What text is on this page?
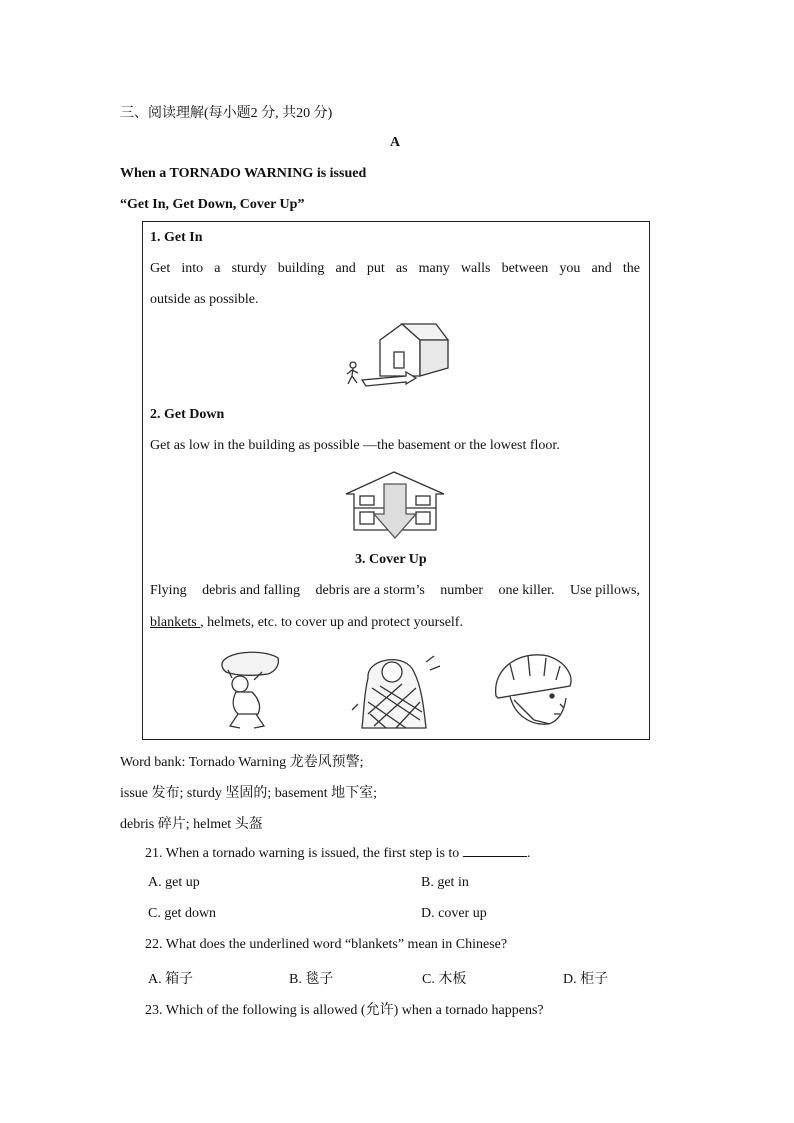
三、阅读理解(每小题2 分, 共20 分)
A
When a TORNADO WARNING is issued
“Get In, Get Down, Cover Up”
1. Get In
Get into a sturdy building and put as many walls between you and the
outside as possible.
2. Get Down
Get as low in the building as possible —the basement or the lowest floor.
3. Cover Up
Flying debris and falling debris are a storm’s number one killer. Use pillows,
blankets , helmets, etc. to cover up and protect yourself.
Word bank: Tornado Warning 龙卷风预警;
issue 发布; sturdy 坚固的; basement 地下室;
debris 碎片; helmet 头盔
21. When a tornado warning is issued, the first step is to	.
A. get up	B. get in
C. get down	D. cover up
22. What does the underlined word “blankets” mean in Chinese?
A. 箱子	B. 毯子	C. 木板	D. 柜子
23. Which of the following is allowed (允许) when a tornado happens?
